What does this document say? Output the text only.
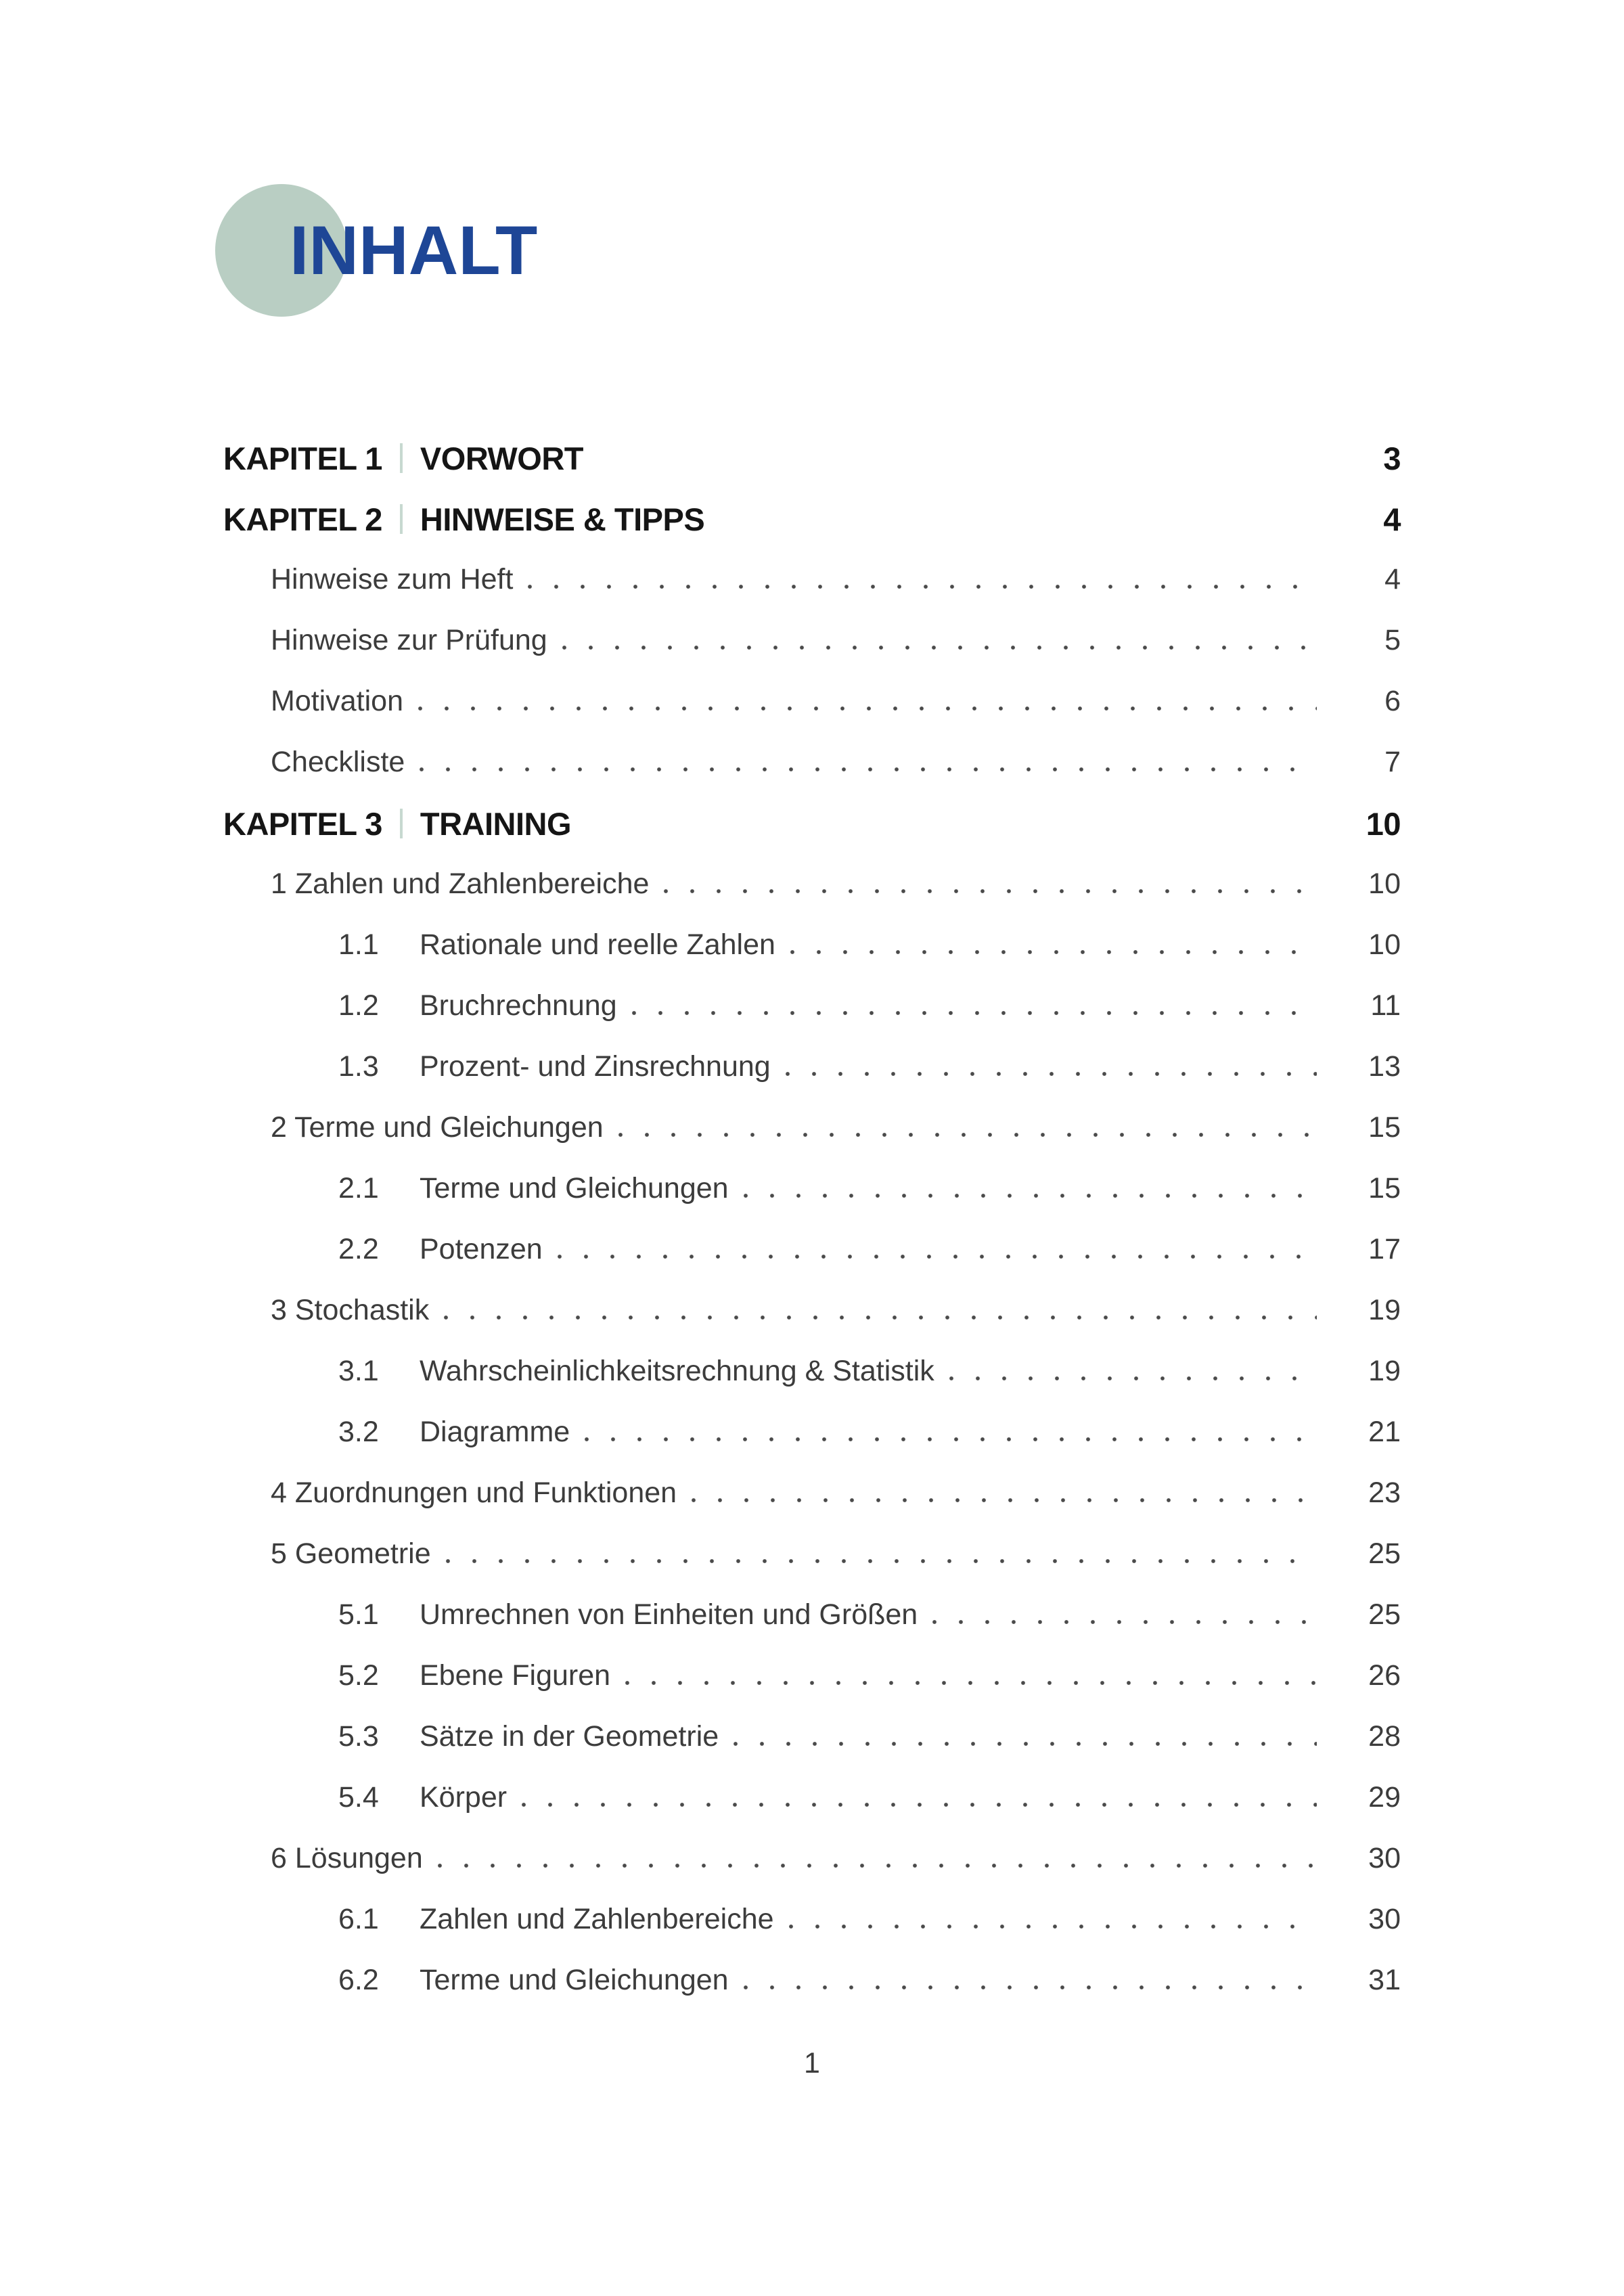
INHALT
KAPITEL 1 VORWORT	3
KAPITEL 2 HINWEISE & TIPPS	4
Hinweise zum Heft	4
Hinweise zur Prüfung	5
Motivation	6
Checkliste	7
KAPITEL 3 TRAINING	10
1 Zahlen und Zahlenbereiche	10
1.1	Rationale und reelle Zahlen	10
1.2	Bruchrechnung	11
1.3	Prozent- und Zinsrechnung	13
2 Terme und Gleichungen	15
2.1	Terme und Gleichungen	15
2.2	Potenzen	17
3 Stochastik	19
3.1	Wahrscheinlichkeitsrechnung & Statistik	19
3.2	Diagramme	21
4 Zuordnungen und Funktionen	23
5 Geometrie	25
5.1	Umrechnen von Einheiten und Größen	25
5.2	Ebene Figuren	26
5.3	Sätze in der Geometrie	28
5.4	Körper	29
6 Lösungen	30
6.1	Zahlen und Zahlenbereiche	30
6.2	Terme und Gleichungen	31
1
